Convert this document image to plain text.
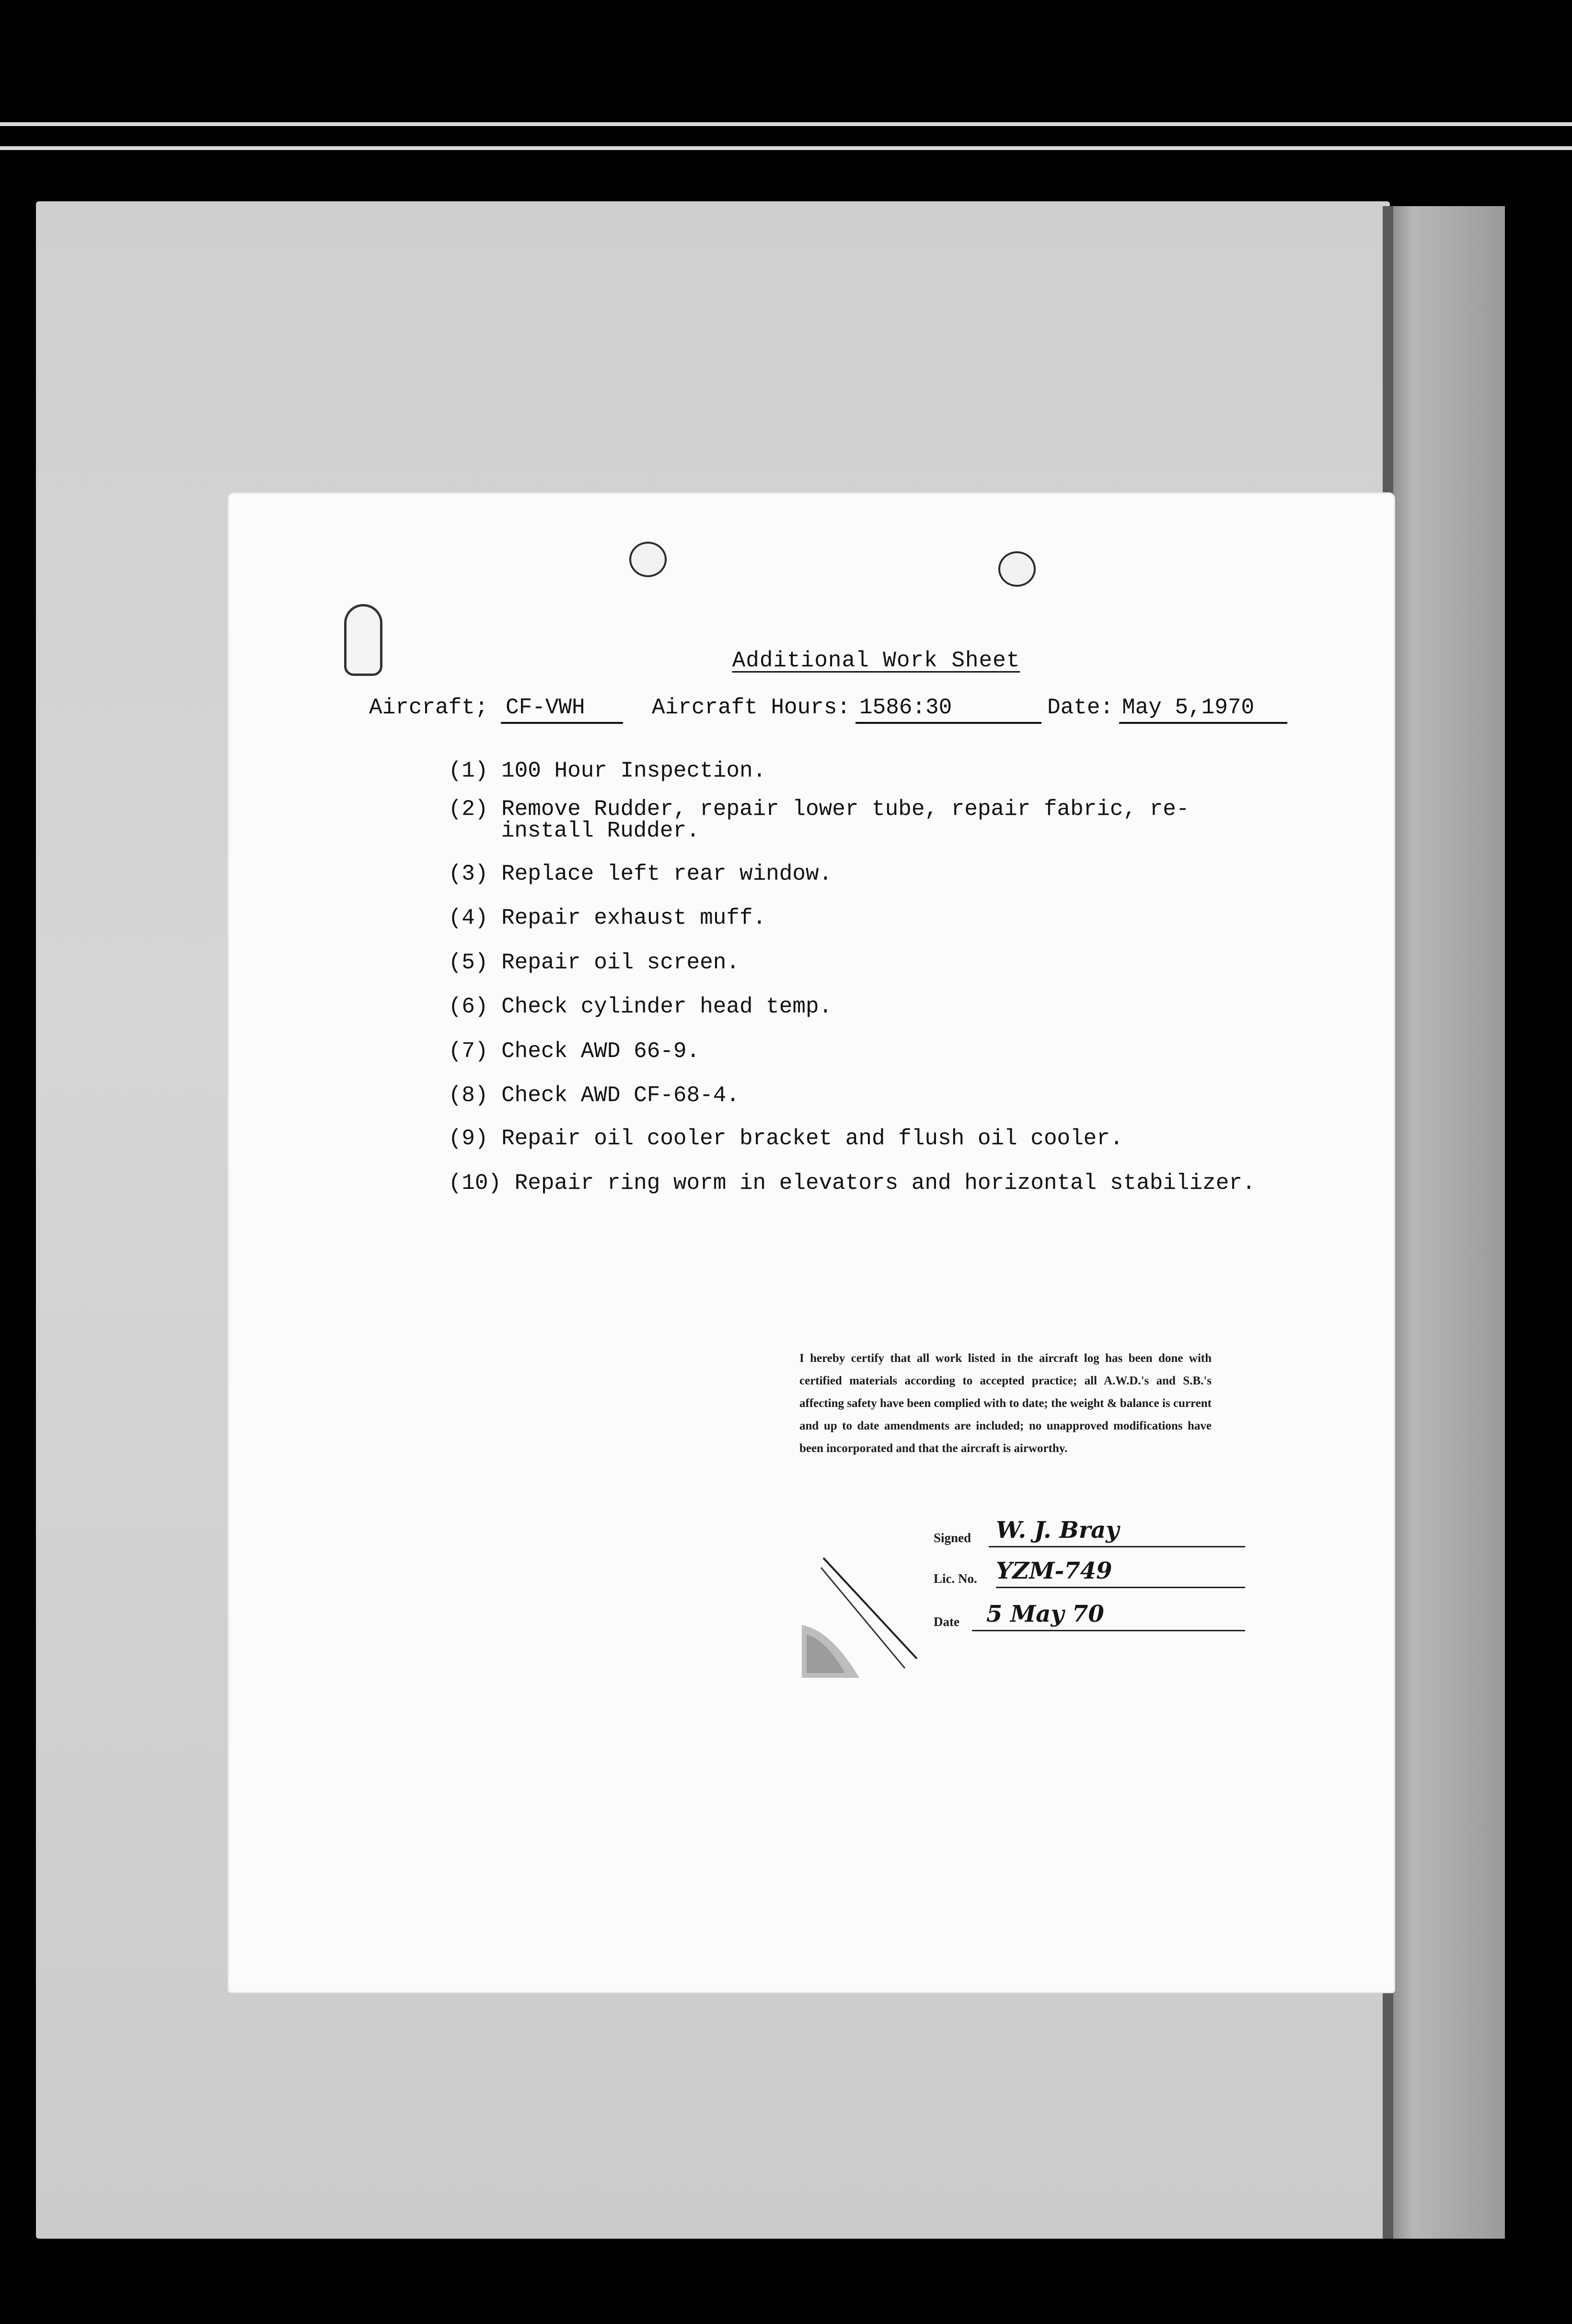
Additional Work Sheet
Aircraft; CF-VWH	Aircraft Hours: 1586:30	Date: May 5,1970

(1) 100 Hour Inspection.

(2) Remove Rudder, repair lower tube, repair fabric, re-

install Rudder.

(3) Replace left rear window.

(4) Repair exhaust muff.

(5) Repair oil screen.

(6) Check cylinder head temp.

(7) Check AWD 66-9.

(8) Check AWD CF-68-4.

(9) Repair oil cooler bracket and flush oil cooler.

(10) Repair ring worm in elevators and horizontal stabilizer.

I hereby certify that all work listed in the aircraft log has been done with certified materials according to accepted practice; all A.W.D.'s and S.B.'s affecting safety have been complied with to date; the weight & balance is current and up to date amendments are included; no unapproved modifications have been incorporated and that the aircraft is airworthy.
Signed W. J. Bray
Lic. No. YZM-749
Date 5 May 70
